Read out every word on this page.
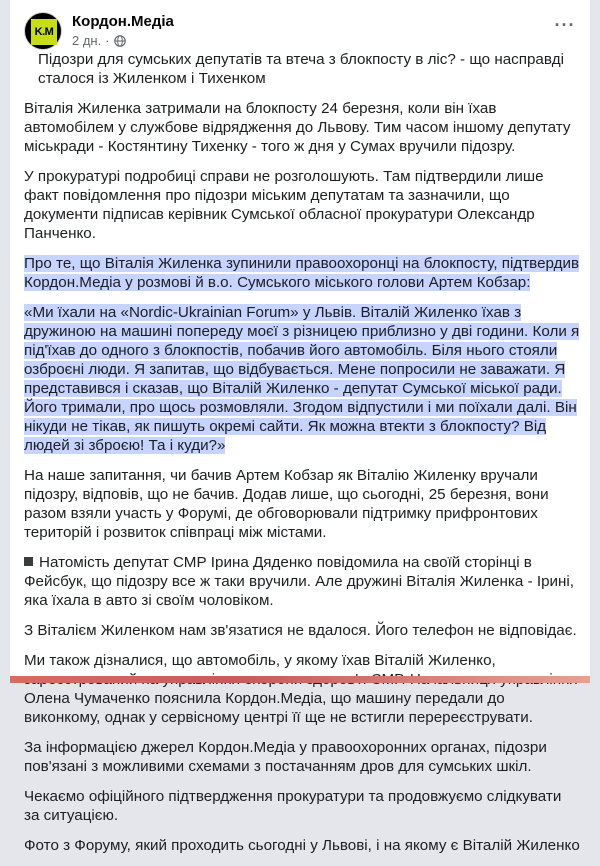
K.M
Кордон.Медіа
2 дн. ·
···

Підозри для сумських депутатів та втеча з блокпосту в ліс? - що насправді сталося із Жиленком і Тихенком

Віталія Жиленка затримали на блокпосту 24 березня, коли він їхав автомобілем у службове відрядження до Львову. Тим часом іншому депутату міськради - Костянтину Тихенку - того ж дня у Сумах вручили підозру.

У прокуратурі подробиці справи не розголошують. Там підтвердили лише факт повідомлення про підозри міським депутатам та зазначили, що документи підписав керівник Сумської обласної прокуратури Олександр Панченко.

Про те, що Віталія Жиленка зупинили правоохоронці на блокпосту, підтвердив Кордон.Медіа у розмові й в.о. Сумського міського голови Артем Кобзар:

«Ми їхали на «Nordic-Ukrainian Forum» у Львів. Віталій Жиленко їхав з дружиною на машині попереду моєї з різницею приблизно у дві години. Коли я під'їхав до одного з блокпостів, побачив його автомобіль. Біля нього стояли озброєні люди. Я запитав, що відбувається. Мене попросили не заважати. Я представився і сказав, що Віталій Жиленко - депутат Сумської міської ради. Його тримали, про щось розмовляли. Згодом відпустили і ми поїхали далі. Він нікуди не тікав, як пишуть окремі сайти. Як можна втекти з блокпосту? Від людей зі зброєю! Та і куди?»

На наше запитання, чи бачив Артем Кобзар як Віталію Жиленку вручали підозру, відповів, що не бачив. Додав лише, що сьогодні, 25 березня, вони разом взяли участь у Форумі, де обговорювали підтримку прифронтових територій і розвиток співпраці між містами.

Натомість депутат СМР Ірина Дяденко повідомила на своїй сторінці в Фейсбук, що підозру все ж таки вручили. Але дружині Віталія Жиленка - Ірині, яка їхала в авто зі своїм чоловіком.

З Віталієм Жиленком нам зв'язатися не вдалося. Його телефон не відповідає.

Ми також дізналися, що автомобіль, у якому їхав Віталій Жиленко, Олена Чумаченко пояснила Кордон.Медіа, що машину передали до виконкому, однак у сервісному центрі її ще не встигли перереєструвати.

За інформацією джерел Кордон.Медіа у правоохоронних органах, підозри пов'язані з можливими схемами з постачанням дров для сумських шкіл.

Чекаємо офіційного підтвердження прокуратури та продовжуємо слідкувати за ситуацією.

Фото з Форуму, який проходить сьогодні у Львові, і на якому є Віталій Жиленко
